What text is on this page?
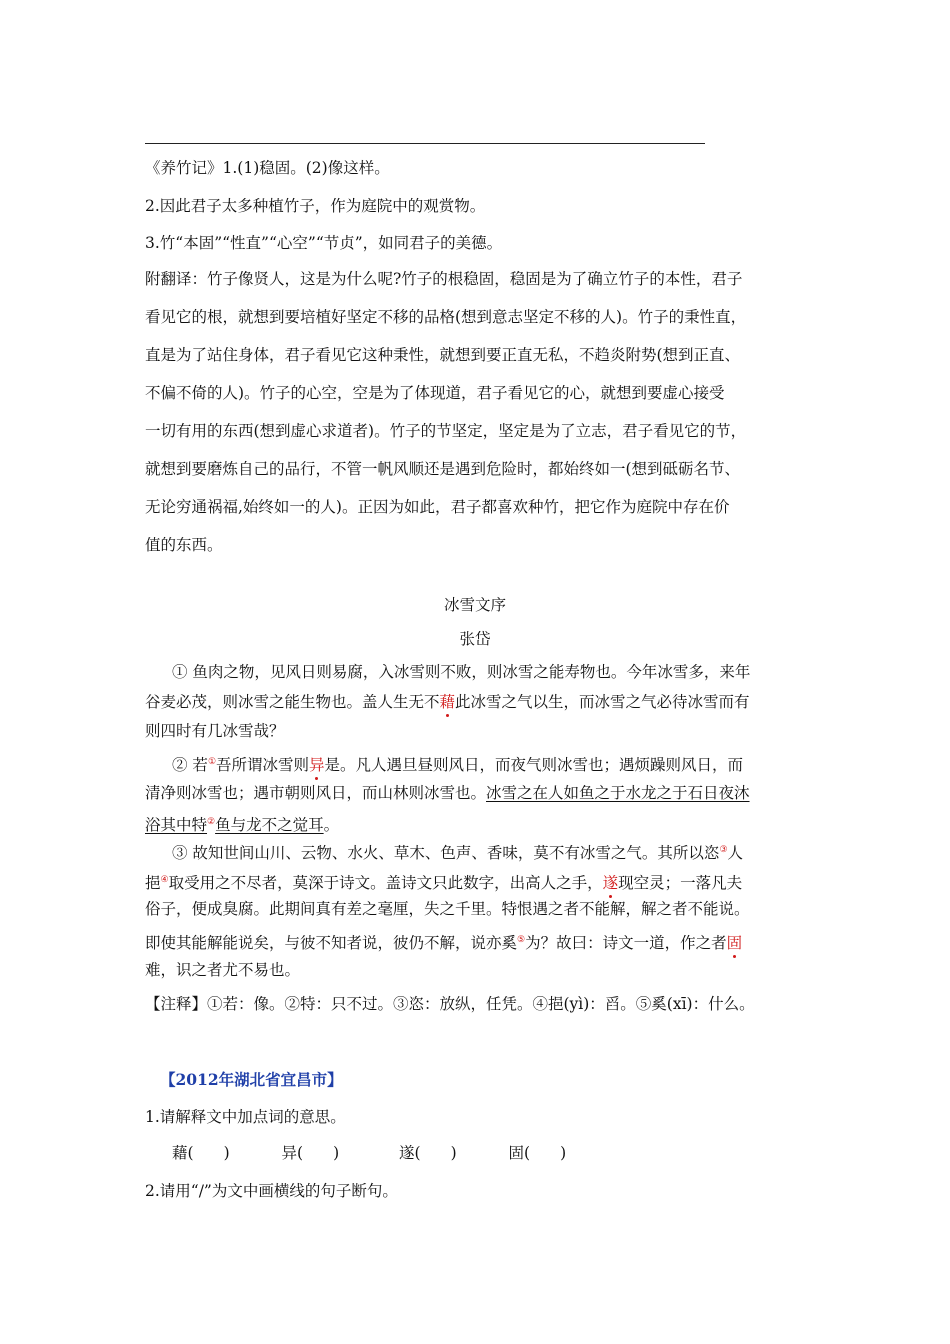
《养竹记》1.(1)稳固。(2)像这样。
2.因此君子太多种植竹子，作为庭院中的观赏物。
3.竹“本固”“性直”“心空”“节贞”，如同君子的美德。
附翻译：竹子像贤人，这是为什么呢?竹子的根稳固，稳固是为了确立竹子的本性，君子
看见它的根，就想到要培植好坚定不移的品格(想到意志坚定不移的人)。竹子的秉性直，
直是为了站住身体，君子看见它这种秉性，就想到要正直无私，不趋炎附势(想到正直、
不偏不倚的人)。竹子的心空，空是为了体现道，君子看见它的心，就想到要虚心接受
一切有用的东西(想到虚心求道者)。竹子的节坚定，坚定是为了立志，君子看见它的节，
就想到要磨炼自己的品行，不管一帆风顺还是遇到危险时，都始终如一(想到砥砺名节、
无论穷通祸福,始终如一的人)。正因为如此，君子都喜欢种竹，把它作为庭院中存在价
值的东西。
冰雪文序
张岱
① 鱼肉之物，见风日则易腐，入冰雪则不败，则冰雪之能寿物也。今年冰雪多，来年
谷麦必茂，则冰雪之能生物也。盖人生无不藉此冰雪之气以生，而冰雪之气必待冰雪而有
则四时有几冰雪哉？
② 若①吾所谓冰雪则异是。凡人遇旦昼则风日，而夜气则冰雪也；遇烦躁则风日，而
清净则冰雪也；遇市朝则风日，而山林则冰雪也。冰雪之在人如鱼之于水龙之于石日夜沐
浴其中特②鱼与龙不之觉耳。
③ 故知世间山川、云物、水火、草木、色声、香味，莫不有冰雪之气。其所以恣③人
挹④取受用之不尽者，莫深于诗文。盖诗文只此数字，出高人之手，遂现空灵；一落凡夫
俗子，便成臭腐。此期间真有差之毫厘，失之千里。特恨遇之者不能解，解之者不能说。
即使其能解能说矣，与彼不知者说，彼仍不解，说亦奚⑤为？故曰：诗文一道，作之者固
难，识之者尤不易也。
【注释】①若：像。②特：只不过。③恣：放纵，任凭。④挹(yì)：舀。⑤奚(xī)：什么。
【2012年湖北省宜昌市】
1.请解释文中加点词的意思。
藉( )	异( )	遂( )	固( )
2.请用“/”为文中画横线的句子断句。
